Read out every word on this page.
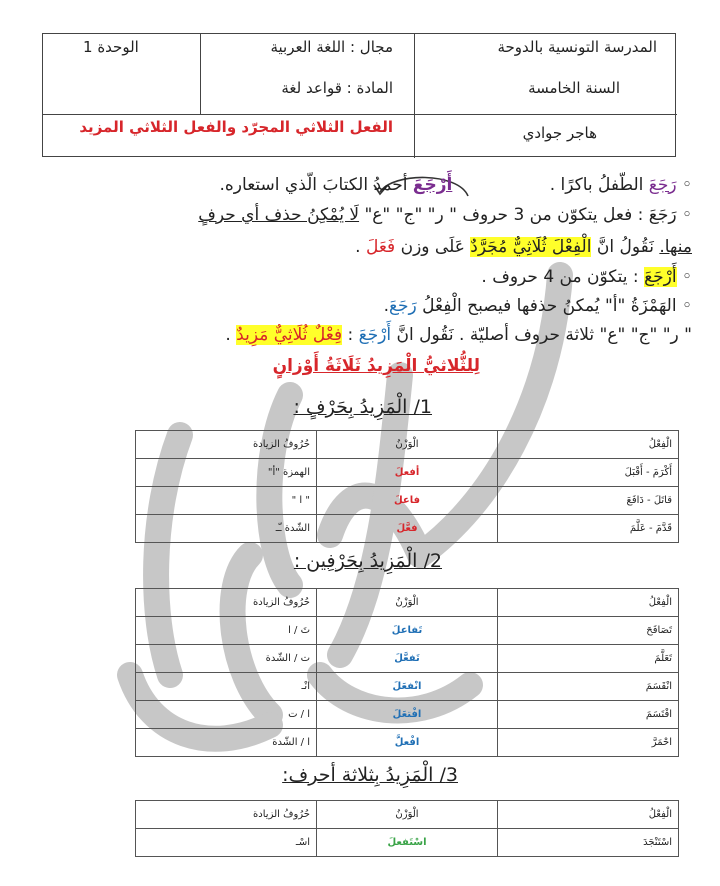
المدرسة التونسية بالدوحة
السنة الخامسة
مجال : اللغة العربية
المادة : قواعد لغة
الوحدة 1
هاجر جوادي
الفعل الثلاثي المجرّد والفعل الثلاثي المزيد
◦ رَجَعَ الطّفلُ باكرًا . أَرْجَعَ أحمدُ الكتابَ الّذي استعاره.
◦ رَجَعَ : فعل يتكوّن من 3 حروف " ر" "ج" "ع" لَا يُمْكِنُ حذف أي حرفٍ
منها. نَقُولُ انَّ الْفِعْلَ ثُلَاثِيٌّ مُجَرَّدٌ عَلَى وزن فَعَلَ .
◦ أَرْجَعَ : يتكوّن من 4 حروف .
◦ الهَمْزَةُ "أ" يُمكنُ حذفها فيصبح الْفِعْلُ رَجَعَ.
" ر" "ج" "ع" ثلاثة حروف أصليّة . نَقُول انَّ أَرْجَعَ : فِعْلٌ ثُلَاثِيٌّ مَزِيدٌ .
لِلثُّلاثيُّ الْمَزِيدُ ثَلَاثَةُ أَوْزانٍ
1/ الْمَزِيدُ بِحَرْفٍ :
الْفِعْلُ	الْوَزْنُ	حُرُوفُ الزيادة
أَكْرَمَ - أَقْبَلَ	أفعلَ	الهمزة "أ"
قاتَلَ - دَافَعَ	فاعلَ	" ا "
قَدَّمَ - عَلَّمَ	فعَّلَ	الشّدة ـّـ
2/ الْمَزِيدُ بِحَرْفِين :
الْفِعْلُ	الْوَزْنُ	حُرُوفُ الزيادة
تَصَافَحَ	تَفاعلَ	تَ / ا
تَعَلَّمَ	تَفعَّلَ	ت / الشّدة
انْقَسَمَ	انْفعَلَ	انْـ
افْتَسَمَ	افْتعَلَ	ا / ت
احْمَرَّ	افْعلَّ	ا / الشّدة
3/ الْمَزِيدُ بِثلاثة أحرف:
الْفِعْلُ	الْوَزْنُ	حُرُوفُ الزيادة
اسْتَنْجَدَ	اسْتَفعلَ	اسْـ
